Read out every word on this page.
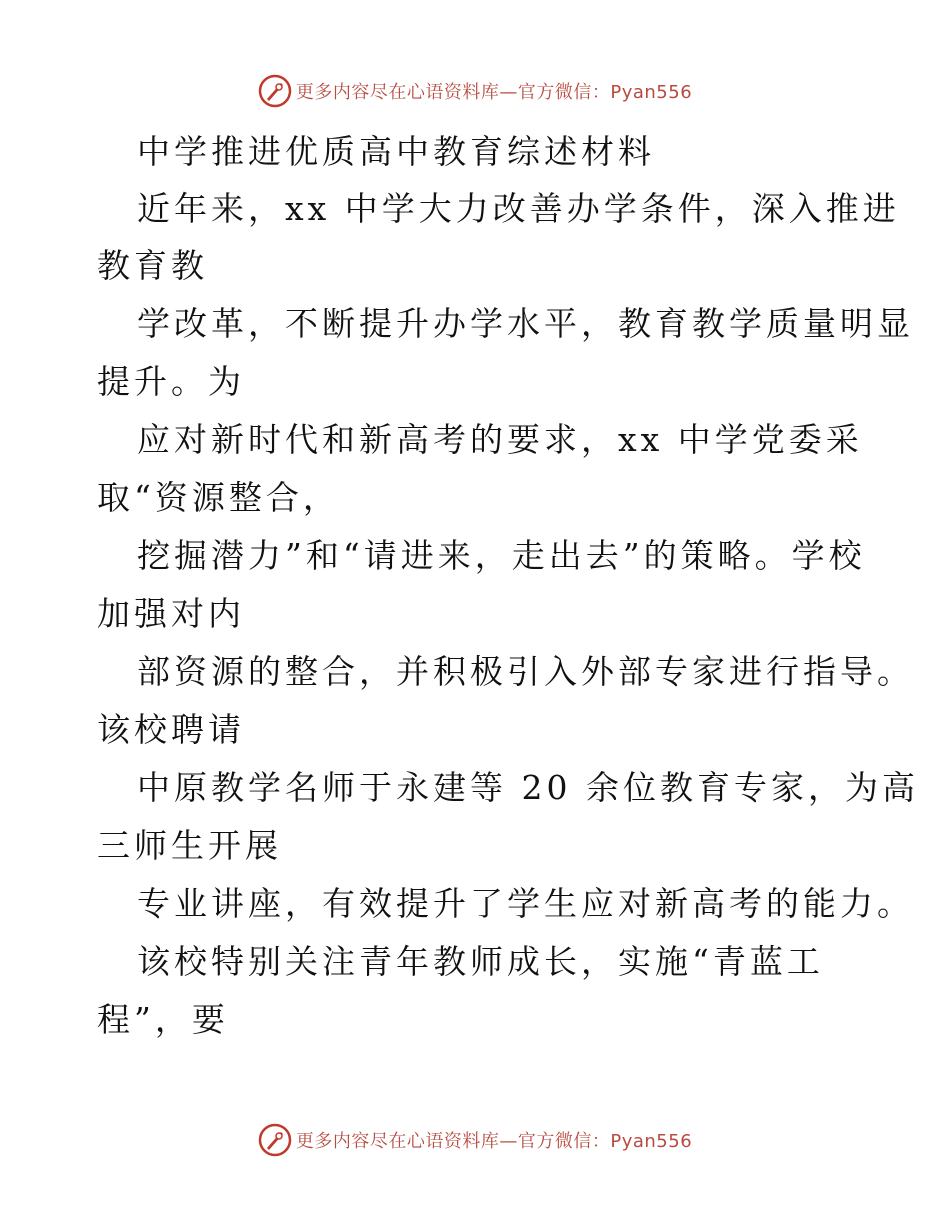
更多内容尽在心语资料库—官方微信：Pyan556
中学推进优质高中教育综述材料
近年来，xx 中学大力改善办学条件，深入推进
教育教
学改革，不断提升办学水平，教育教学质量明显
提升。为
应对新时代和新高考的要求，xx 中学党委采
取“资源整合，
挖掘潜力”和“请进来，走出去”的策略。学校
加强对内
部资源的整合，并积极引入外部专家进行指导。
该校聘请
中原教学名师于永建等 20 余位教育专家，为高
三师生开展
专业讲座，有效提升了学生应对新高考的能力。
该校特别关注青年教师成长，实施“青蓝工
程”，要
更多内容尽在心语资料库—官方微信：Pyan556
